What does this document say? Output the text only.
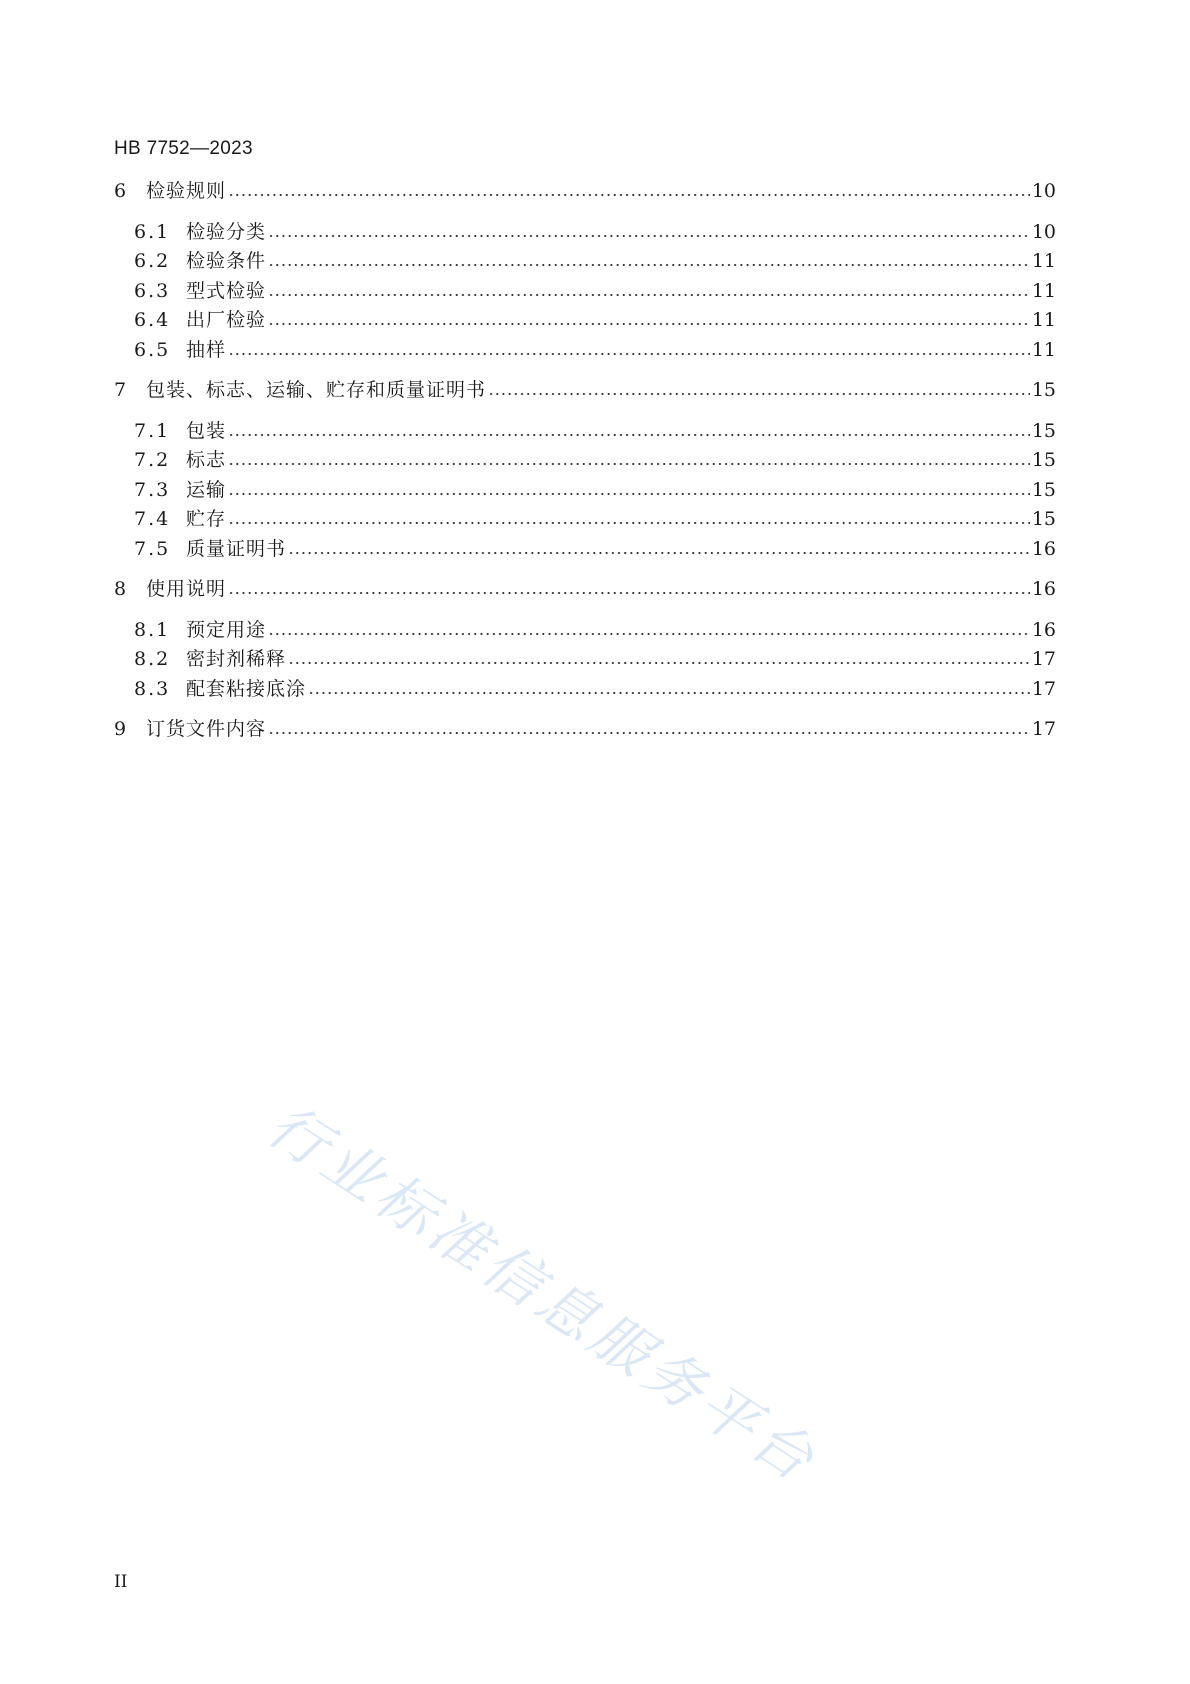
HB 7752—2023
6	检验规则	10
6.1 检验分类	10
6.2 检验条件	11
6.3 型式检验	11
6.4 出厂检验	11
6.5 抽样	11
7	包装、标志、运输、贮存和质量证明书	15
7.1 包装	15
7.2 标志	15
7.3 运输	15
7.4 贮存	15
7.5 质量证明书	16
8	使用说明	16
8.1 预定用途	16
8.2 密封剂稀释	17
8.3 配套粘接底涂	17
9	订货文件内容	17
II
行业标准信息服务平台
